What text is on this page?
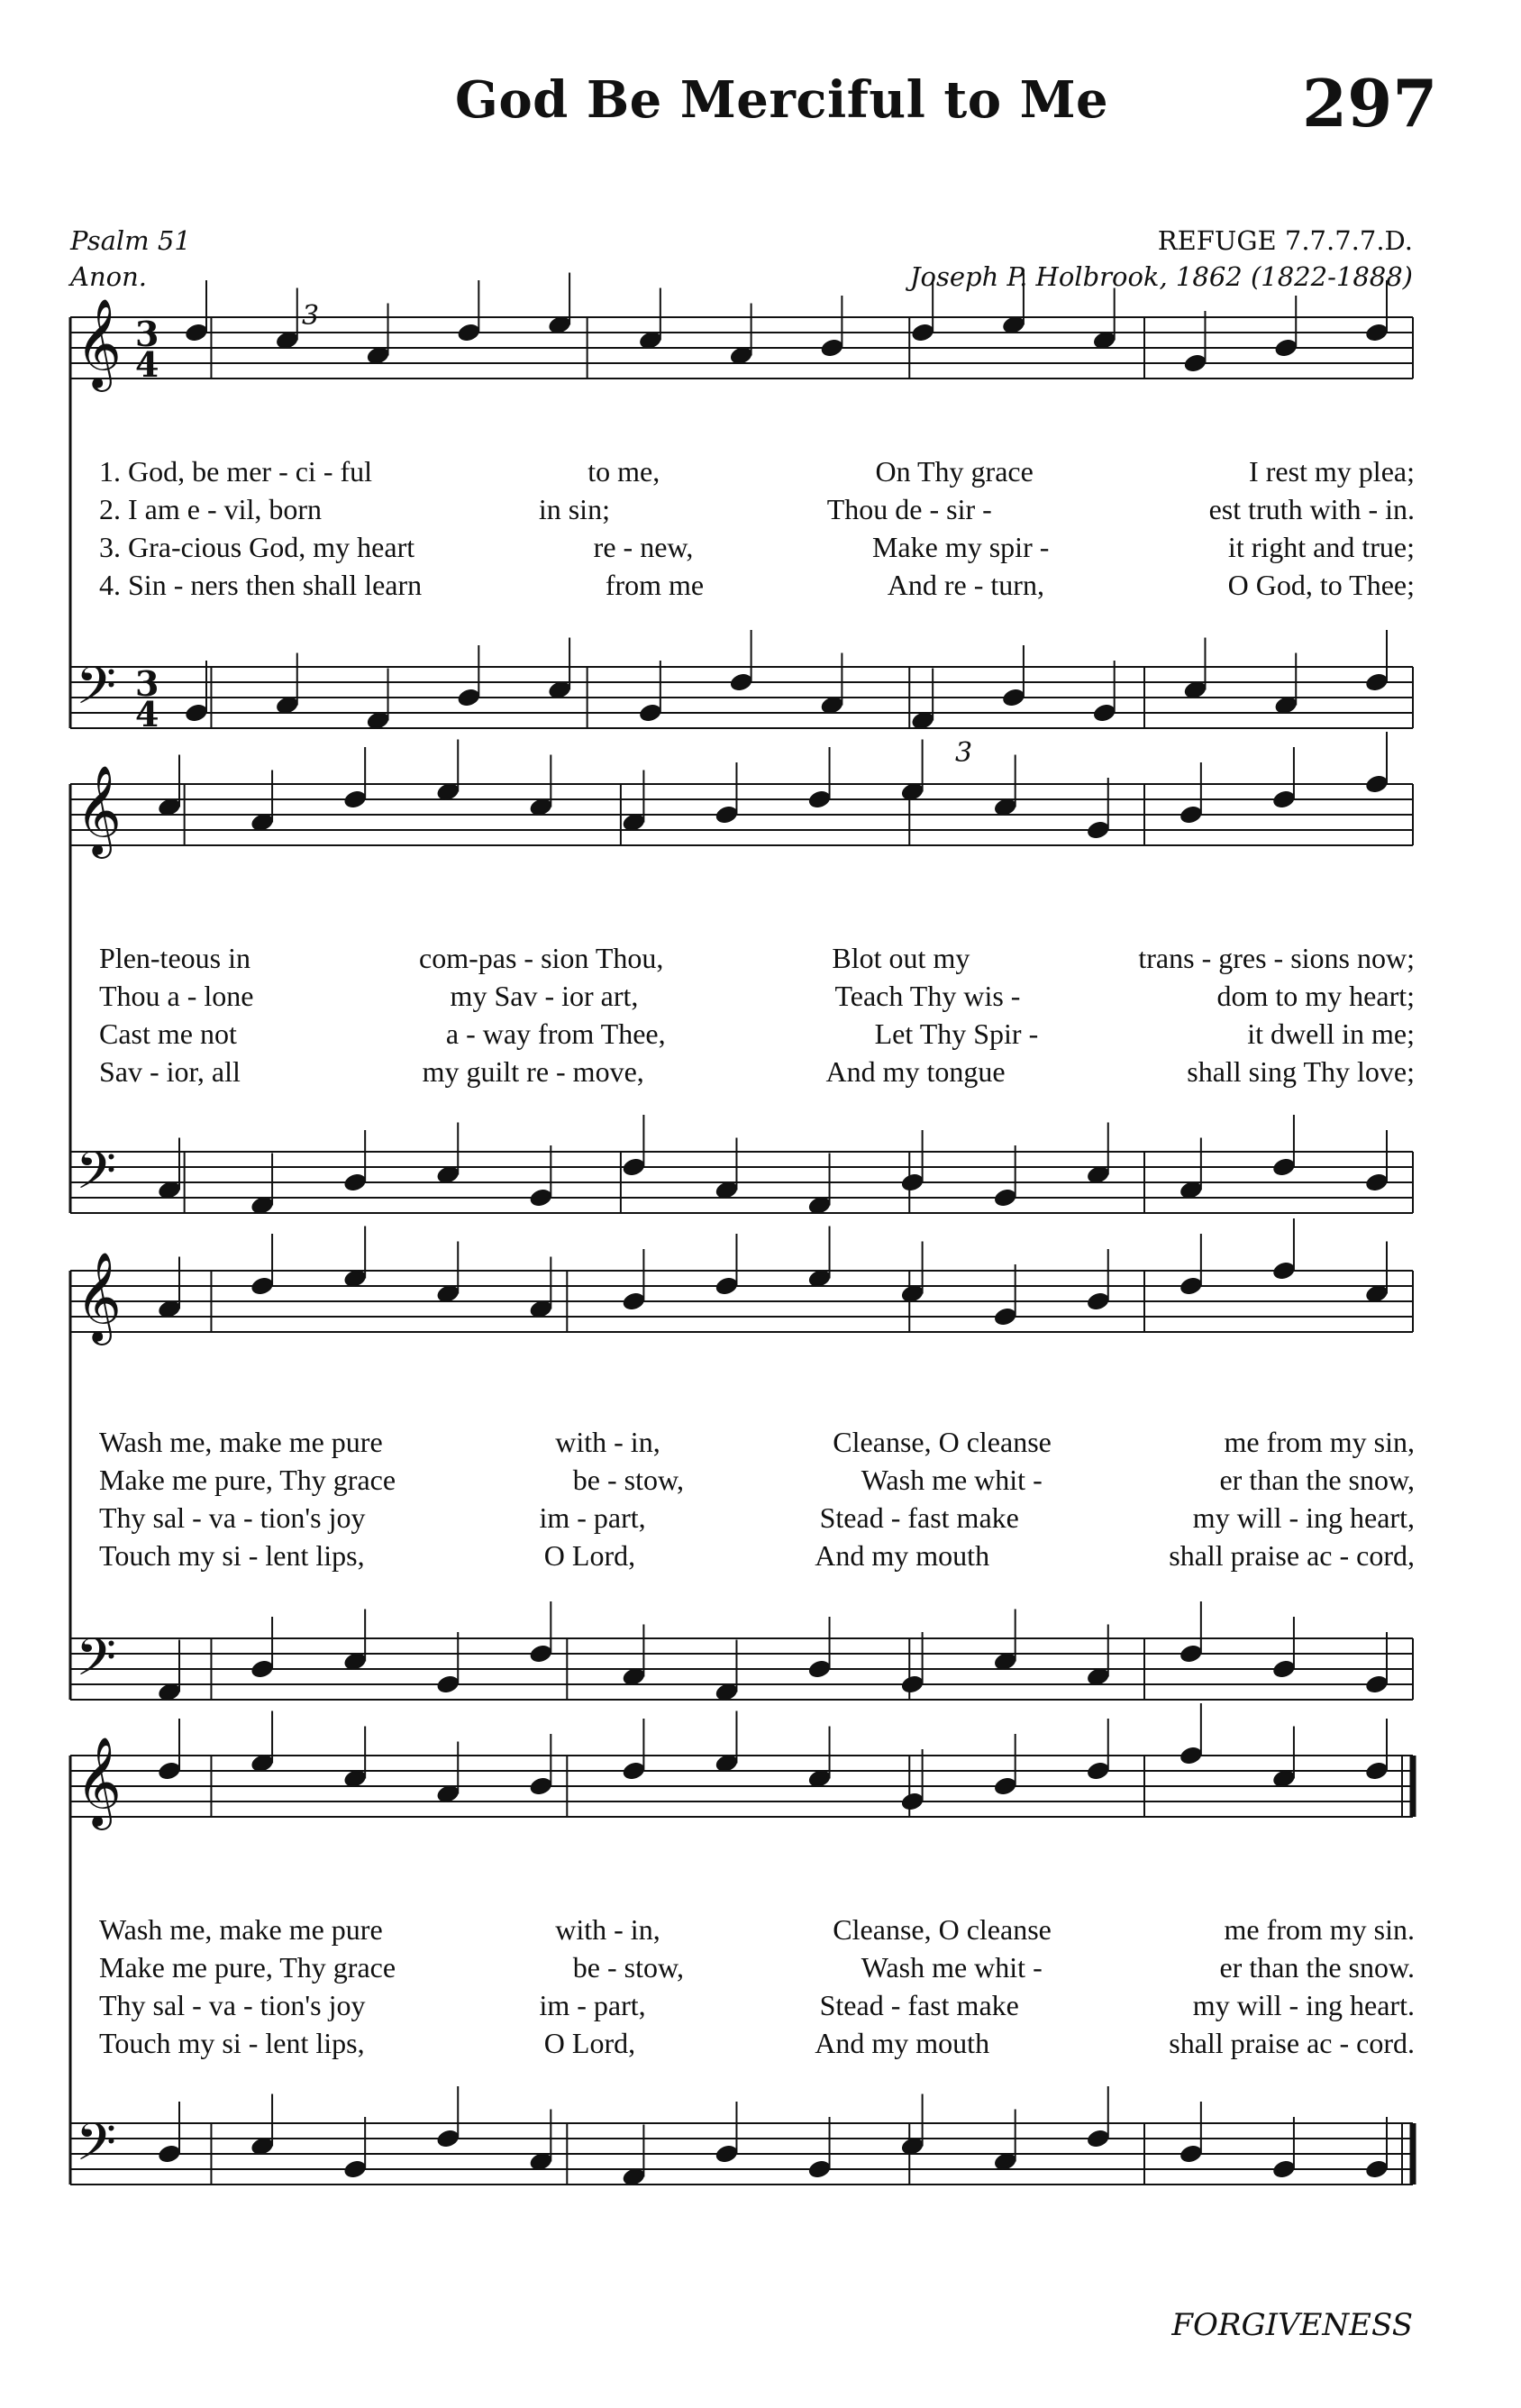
God Be Merciful to Me	297
Psalm 51
Anon.
REFUGE 7.7.7.7.D.
Joseph P. Holbrook, 1862 (1822-1888)
𝄞 3
4
𝄢 3
4
𝄞
𝄢
𝄞
𝄢
𝄞
𝄢
3
3
1. God, be mer - ci - ful	to me,	On Thy grace	I rest my plea;
2. I am e - vil, born	in sin;	Thou de - sir -	est truth with - in.
3. Gra-cious God, my heart	re - new,	Make my spir -	it right and true;
4. Sin - ners then shall learn	from me	And re - turn,	O God, to Thee;
Plen-teous in	com-pas - sion Thou,	Blot out my	trans - gres - sions now;
Thou a - lone	my Sav - ior art,	Teach Thy wis -	dom to my heart;
Cast me not	a - way from Thee,	Let Thy Spir -	it dwell in me;
Sav - ior, all	my guilt re - move,	And my tongue	shall sing Thy love;
Wash me, make me pure	with - in,	Cleanse, O cleanse	me from my sin,
Make me pure, Thy grace	be - stow,	Wash me whit -	er than the snow,
Thy sal - va - tion's joy	im - part,	Stead - fast make	my will - ing heart,
Touch my si - lent lips,	O Lord,	And my mouth	shall praise ac - cord,
Wash me, make me pure	with - in,	Cleanse, O cleanse	me from my sin.
Make me pure, Thy grace	be - stow,	Wash me whit -	er than the snow.
Thy sal - va - tion's joy	im - part,	Stead - fast make	my will - ing heart.
Touch my si - lent lips,	O Lord,	And my mouth	shall praise ac - cord.
FORGIVENESS
